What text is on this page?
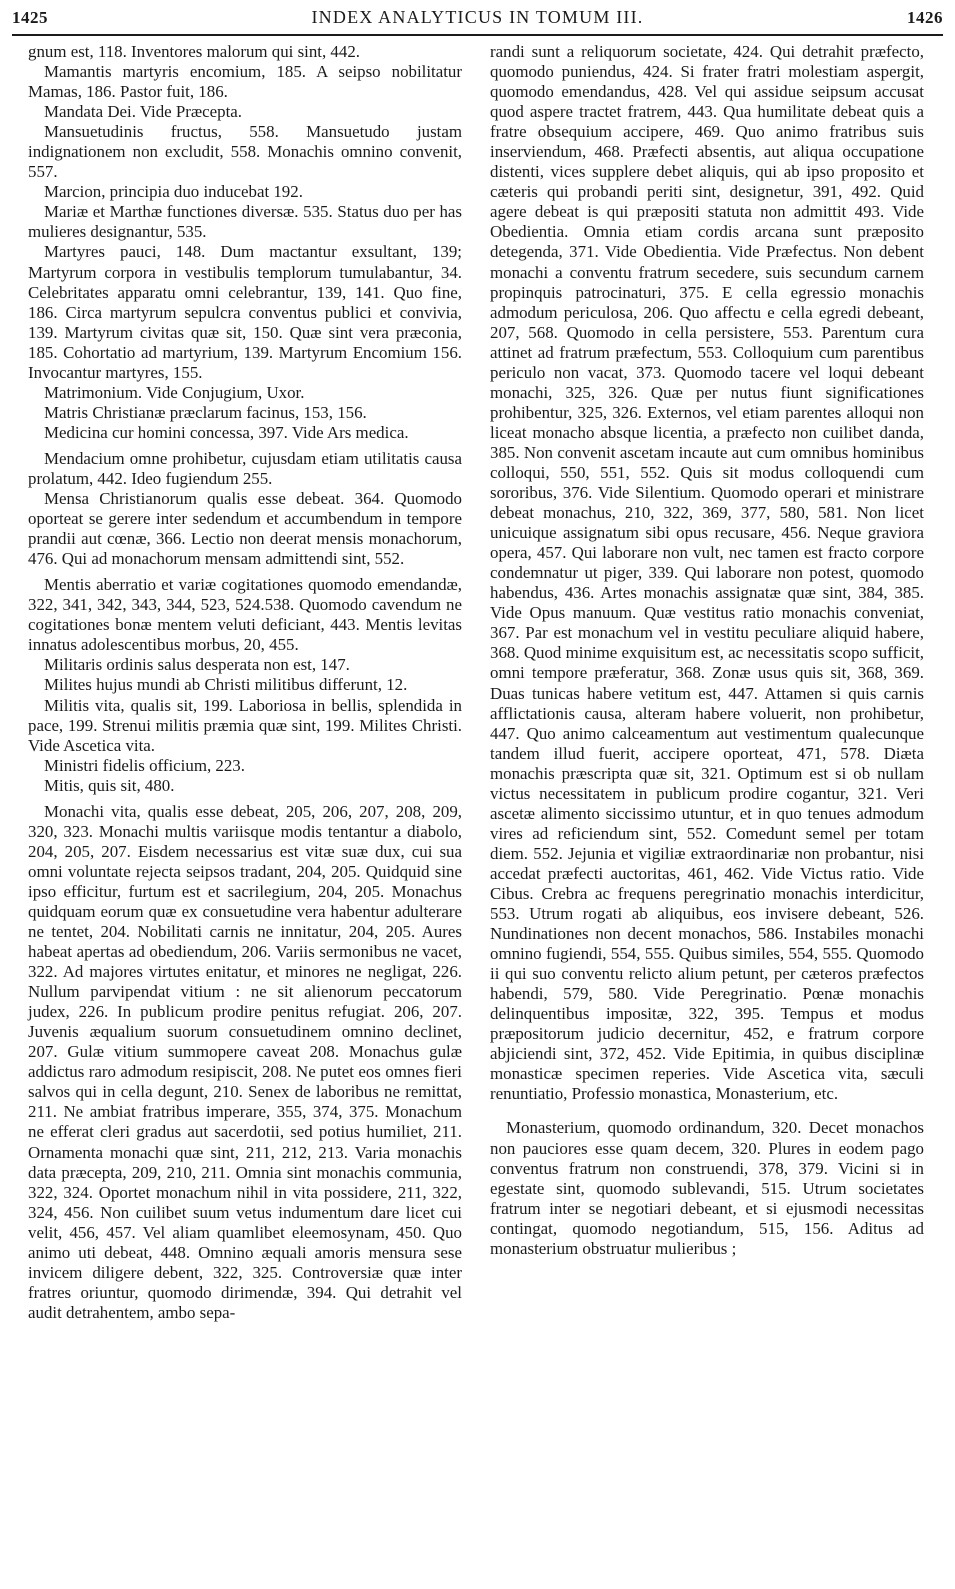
1425	INDEX ANALYTICUS IN TOMUM III.	1426

gnum est, 118. Inventores malorum qui sint, 442.

Mamantis martyris encomium, 185. A seipso nobilitatur Mamas, 186. Pastor fuit, 186.

Mandata Dei. Vide Præcepta.

Mansuetudinis fructus, 558. Mansuetudo justam indignationem non excludit, 558. Monachis omnino convenit, 557.

Marcion, principia duo inducebat 192.

Mariæ et Marthæ functiones diversæ. 535. Status duo per has mulieres designantur, 535.

Martyres pauci, 148. Dum mactantur exsultant, 139; Martyrum corpora in vestibulis templorum tumulabantur, 34. Celebritates apparatu omni celebrantur, 139, 141. Quo fine, 186. Circa martyrum sepulcra conventus publici et convivia, 139. Martyrum civitas quæ sit, 150. Quæ sint vera præconia, 185. Cohortatio ad martyrium, 139. Martyrum Encomium 156. Invocantur martyres, 155.

Matrimonium. Vide Conjugium, Uxor.

Matris Christianæ præclarum facinus, 153, 156.

Medicina cur homini concessa, 397. Vide Ars medica.

Mendacium omne prohibetur, cujusdam etiam utilitatis causa prolatum, 442. Ideo fugiendum 255.

Mensa Christianorum qualis esse debeat. 364. Quomodo oporteat se gerere inter sedendum et accumbendum in tempore prandii aut cœnæ, 366. Lectio non deerat mensis monachorum, 476. Qui ad monachorum mensam admittendi sint, 552.

Mentis aberratio et variæ cogitationes quomodo emendandæ, 322, 341, 342, 343, 344, 523, 524.538. Quomodo cavendum ne cogitationes bonæ mentem veluti deficiant, 443. Mentis levitas innatus adolescentibus morbus, 20, 455.

Militaris ordinis salus desperata non est, 147.

Milites hujus mundi ab Christi militibus differunt, 12.

Militis vita, qualis sit, 199. Laboriosa in bellis, splendida in pace, 199. Strenui militis præmia quæ sint, 199. Milites Christi. Vide Ascetica vita.

Ministri fidelis officium, 223.

Mitis, quis sit, 480.

Monachi vita, qualis esse debeat, 205, 206, 207, 208, 209, 320, 323. Monachi multis variisque modis tentantur a diabolo, 204, 205, 207. Eisdem necessarius est vitæ suæ dux, cui sua omni voluntate rejecta seipsos tradant, 204, 205. Quidquid sine ipso efficitur, furtum est et sacrilegium, 204, 205. Monachus quidquam eorum quæ ex consuetudine vera habentur adulterare ne tentet, 204. Nobilitati carnis ne innitatur, 204, 205. Aures habeat apertas ad obediendum, 206. Variis sermonibus ne vacet, 322. Ad majores virtutes enitatur, et minores ne negligat, 226. Nullum parvipendat vitium : ne sit alienorum peccatorum judex, 226. In publicum prodire penitus refugiat. 206, 207. Juvenis æqualium suorum consuetudinem omnino declinet, 207. Gulæ vitium summopere caveat 208. Monachus gulæ addictus raro admodum resipiscit, 208. Ne putet eos omnes fieri salvos qui in cella degunt, 210. Senex de laboribus ne remittat, 211. Ne ambiat fratribus imperare, 355, 374, 375. Monachum ne efferat cleri gradus aut sacerdotii, sed potius humiliet, 211. Ornamenta monachi quæ sint, 211, 212, 213. Varia monachis data præcepta, 209, 210, 211. Omnia sint monachis communia, 322, 324. Oportet monachum nihil in vita possidere, 211, 322, 324, 456. Non cuilibet suum vetus indumentum dare licet cui velit, 456, 457. Vel aliam quamlibet eleemosynam, 450. Quo animo uti debeat, 448. Omnino æquali amoris mensura sese invicem diligere debent, 322, 325. Controversiæ quæ inter fratres oriuntur, quomodo dirimendæ, 394. Qui detrahit vel audit detrahentem, ambo sepa-

randi sunt a reliquorum societate, 424. Qui detrahit præfecto, quomodo puniendus, 424. Si frater fratri molestiam aspergit, quomodo emendandus, 428. Vel qui assidue seipsum accusat quod aspere tractet fratrem, 443. Qua humilitate debeat quis a fratre obsequium accipere, 469. Quo animo fratribus suis inserviendum, 468. Præfecti absentis, aut aliqua occupatione distenti, vices supplere debet aliquis, qui ab ipso proposito et cæteris qui probandi periti sint, designetur, 391, 492. Quid agere debeat is qui præpositi statuta non admittit 493. Vide Obedientia. Omnia etiam cordis arcana sunt præposito detegenda, 371. Vide Obedientia. Vide Præfectus. Non debent monachi a conventu fratrum secedere, suis secundum carnem propinquis patrocinaturi, 375. E cella egressio monachis admodum periculosa, 206. Quo affectu e cella egredi debeant, 207, 568. Quomodo in cella persistere, 553. Parentum cura attinet ad fratrum præfectum, 553. Colloquium cum parentibus periculo non vacat, 373. Quomodo tacere vel loqui debeant monachi, 325, 326. Quæ per nutus fiunt significationes prohibentur, 325, 326. Externos, vel etiam parentes alloqui non liceat monacho absque licentia, a præfecto non cuilibet danda, 385. Non convenit ascetam incaute aut cum omnibus hominibus colloqui, 550, 551, 552. Quis sit modus colloquendi cum sororibus, 376. Vide Silentium. Quomodo operari et ministrare debeat monachus, 210, 322, 369, 377, 580, 581. Non licet unicuique assignatum sibi opus recusare, 456. Neque graviora opera, 457. Qui laborare non vult, nec tamen est fracto corpore condemnatur ut piger, 339. Qui laborare non potest, quomodo habendus, 436. Artes monachis assignatæ quæ sint, 384, 385. Vide Opus manuum. Quæ vestitus ratio monachis conveniat, 367. Par est monachum vel in vestitu peculiare aliquid habere, 368. Quod minime exquisitum est, ac necessitatis scopo sufficit, omni tempore præferatur, 368. Zonæ usus quis sit, 368, 369. Duas tunicas habere vetitum est, 447. Attamen si quis carnis afflictationis causa, alteram habere voluerit, non prohibetur, 447. Quo animo calceamentum aut vestimentum qualecunque tandem illud fuerit, accipere oporteat, 471, 578. Diæta monachis præscripta quæ sit, 321. Optimum est si ob nullam victus necessitatem in publicum prodire cogantur, 321. Veri ascetæ alimento siccissimo utuntur, et in quo tenues admodum vires ad reficiendum sint, 552. Comedunt semel per totam diem. 552. Jejunia et vigiliæ extraordinariæ non probantur, nisi accedat præfecti auctoritas, 461, 462. Vide Victus ratio. Vide Cibus. Crebra ac frequens peregrinatio monachis interdicitur, 553. Utrum rogati ab aliquibus, eos invisere debeant, 526. Nundinationes non decent monachos, 586. Instabiles monachi omnino fugiendi, 554, 555. Quibus similes, 554, 555. Quomodo ii qui suo conventu relicto alium petunt, per cæteros præfectos habendi, 579, 580. Vide Peregrinatio. Pœnæ monachis delinquentibus impositæ, 322, 395. Tempus et modus præpositorum judicio decernitur, 452, e fratrum corpore abjiciendi sint, 372, 452. Vide Epitimia, in quibus disciplinæ monasticæ specimen reperies. Vide Ascetica vita, sæculi renuntiatio, Professio monastica, Monasterium, etc.

Monasterium, quomodo ordinandum, 320. Decet monachos non pauciores esse quam decem, 320. Plures in eodem pago conventus fratrum non construendi, 378, 379. Vicini si in egestate sint, quomodo sublevandi, 515. Utrum societates fratrum inter se negotiari debeant, et si ejusmodi necessitas contingat, quomodo negotiandum, 515, 156. Aditus ad monasterium obstruatur mulieribus ;
